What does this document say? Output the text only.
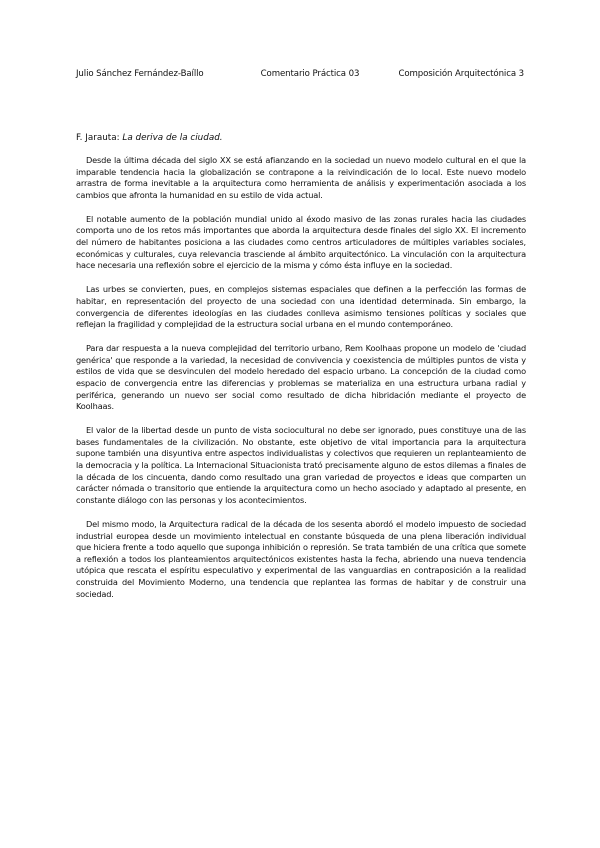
Julio Sánchez Fernández-Baíllo	Comentario Práctica 03	Composición Arquitectónica 3
F. Jarauta: La deriva de la ciudad.

Desde la última década del siglo XX se está afianzando en la sociedad un nuevo modelo cultural en el que la imparable tendencia hacia la globalización se contrapone a la reivindicación de lo local. Este nuevo modelo arrastra de forma inevitable a la arquitectura como herramienta de análisis y experimentación asociada a los cambios que afronta la humanidad en su estilo de vida actual.

El notable aumento de la población mundial unido al éxodo masivo de las zonas rurales hacia las ciudades comporta uno de los retos más importantes que aborda la arquitectura desde finales del siglo XX. El incremento del número de habitantes posiciona a las ciudades como centros articuladores de múltiples variables sociales, económicas y culturales, cuya relevancia trasciende al ámbito arquitectónico. La vinculación con la arquitectura hace necesaria una reflexión sobre el ejercicio de la misma y cómo ésta influye en la sociedad.

Las urbes se convierten, pues, en complejos sistemas espaciales que definen a la perfección las formas de habitar, en representación del proyecto de una sociedad con una identidad determinada. Sin embargo, la convergencia de diferentes ideologías en las ciudades conlleva asimismo tensiones políticas y sociales que reflejan la fragilidad y complejidad de la estructura social urbana en el mundo contemporáneo.

Para dar respuesta a la nueva complejidad del territorio urbano, Rem Koolhaas propone un modelo de 'ciudad genérica' que responde a la variedad, la necesidad de convivencia y coexistencia de múltiples puntos de vista y estilos de vida que se desvinculen del modelo heredado del espacio urbano. La concepción de la ciudad como espacio de convergencia entre las diferencias y problemas se materializa en una estructura urbana radial y periférica, generando un nuevo ser social como resultado de dicha hibridación mediante el proyecto de Koolhaas.

El valor de la libertad desde un punto de vista sociocultural no debe ser ignorado, pues constituye una de las bases fundamentales de la civilización. No obstante, este objetivo de vital importancia para la arquitectura supone también una disyuntiva entre aspectos individualistas y colectivos que requieren un replanteamiento de la democracia y la política. La Internacional Situacionista trató precisamente alguno de estos dilemas a finales de la década de los cincuenta, dando como resultado una gran variedad de proyectos e ideas que comparten un carácter nómada o transitorio que entiende la arquitectura como un hecho asociado y adaptado al presente, en constante diálogo con las personas y los acontecimientos.

Del mismo modo, la Arquitectura radical de la década de los sesenta abordó el modelo impuesto de sociedad industrial europea desde un movimiento intelectual en constante búsqueda de una plena liberación individual que hiciera frente a todo aquello que suponga inhibición o represión. Se trata también de una crítica que somete a reflexión a todos los planteamientos arquitectónicos existentes hasta la fecha, abriendo una nueva tendencia utópica que rescata el espíritu especulativo y experimental de las vanguardias en contraposición a la realidad construida del Movimiento Moderno, una tendencia que replantea las formas de habitar y de construir una sociedad.
